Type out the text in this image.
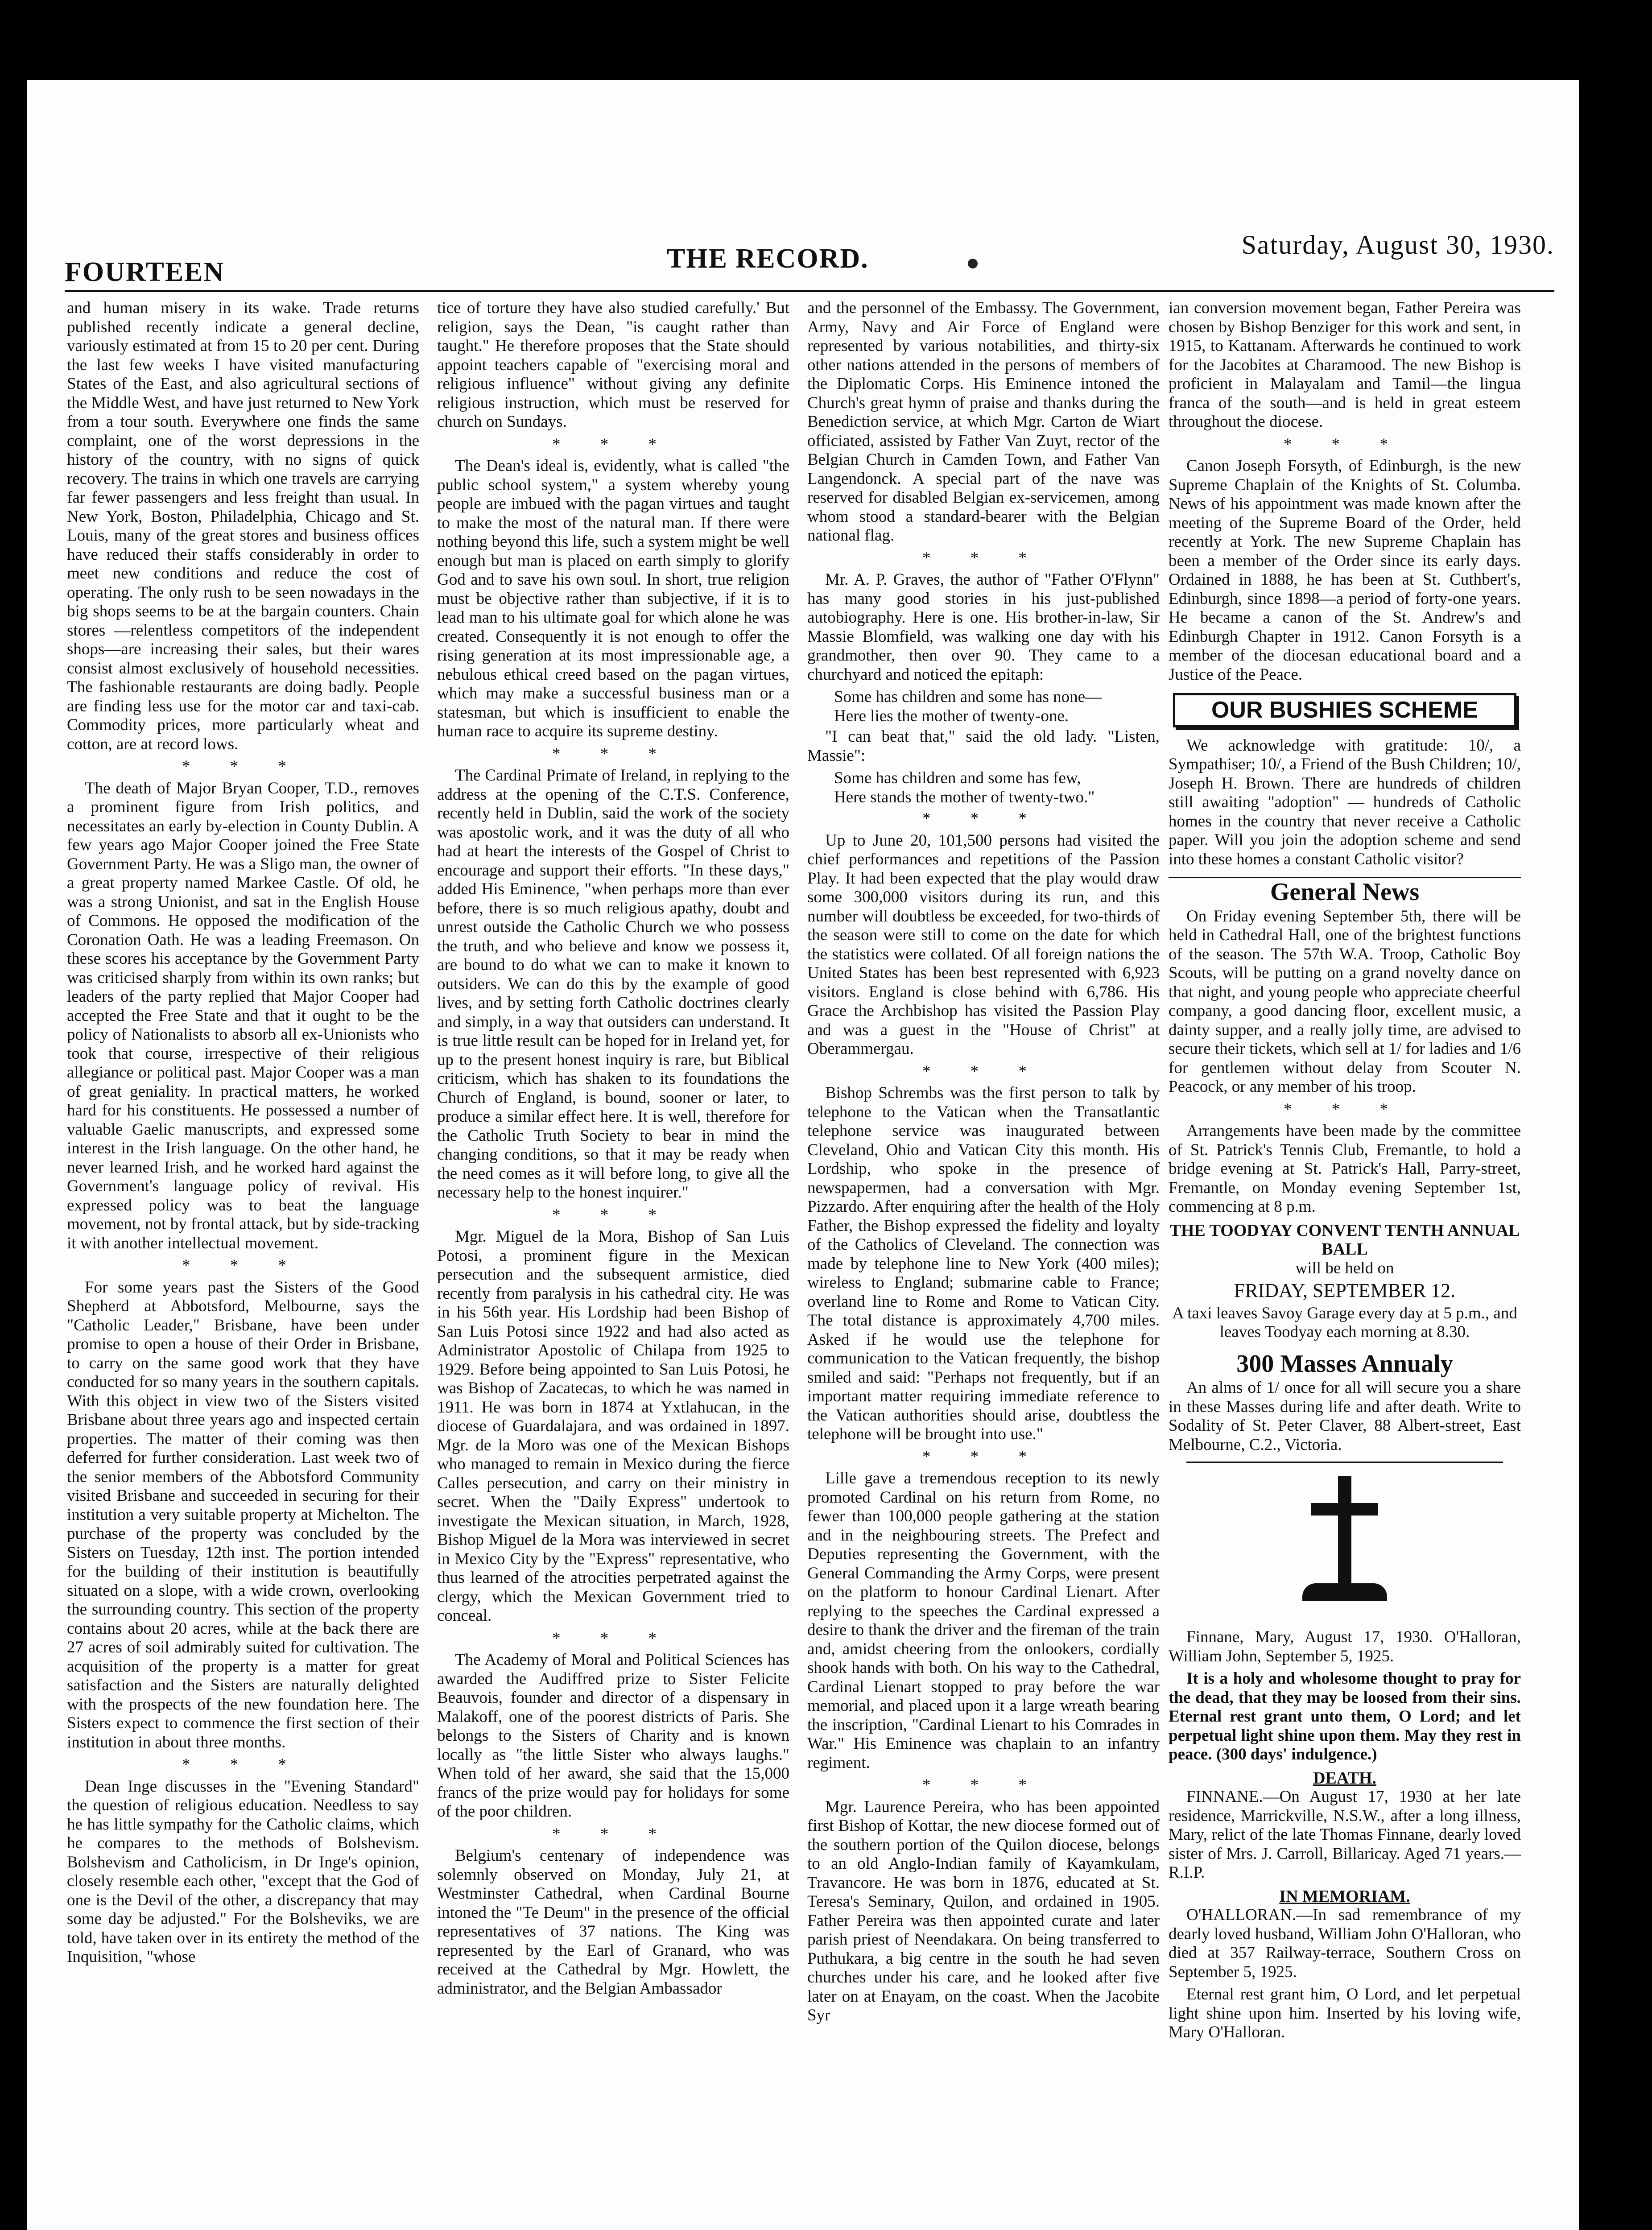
FOURTEEN	THE RECORD.	Saturday, August 30, 1930.

and human misery in its wake. Trade returns published recently indicate a general decline, variously estimated at from 15 to 20 per cent. During the last few weeks I have visited manufacturing States of the East, and also agricultural sections of the Middle West, and have just returned to New York from a tour south. Everywhere one finds the same complaint, one of the worst depressions in the history of the country, with no signs of quick recovery. The trains in which one travels are carrying far fewer passengers and less freight than usual. In New York, Boston, Philadelphia, Chicago and St. Louis, many of the great stores and business offices have reduced their staffs considerably in order to meet new conditions and reduce the cost of operating. The only rush to be seen nowadays in the big shops seems to be at the bargain counters. Chain stores —relentless competitors of the independent shops—are increasing their sales, but their wares consist almost exclusively of household necessities. The fashionable restaurants are doing badly. People are finding less use for the motor car and taxi-cab. Commodity prices, more particularly wheat and cotton, are at record lows.

* * *

The death of Major Bryan Cooper, T.D., removes a prominent figure from Irish politics, and necessitates an early by-election in County Dublin. A few years ago Major Cooper joined the Free State Government Party. He was a Sligo man, the owner of a great property named Markee Castle. Of old, he was a strong Unionist, and sat in the English House of Commons. He opposed the modification of the Coronation Oath. He was a leading Freemason. On these scores his acceptance by the Government Party was criticised sharply from within its own ranks; but leaders of the party replied that Major Cooper had accepted the Free State and that it ought to be the policy of Nationalists to absorb all ex-Unionists who took that course, irrespective of their religious allegiance or political past. Major Cooper was a man of great geniality. In practical matters, he worked hard for his constituents. He possessed a number of valuable Gaelic manuscripts, and expressed some interest in the Irish language. On the other hand, he never learned Irish, and he worked hard against the Government's language policy of revival. His expressed policy was to beat the language movement, not by frontal attack, but by side-tracking it with another intellectual movement.

* * *

For some years past the Sisters of the Good Shepherd at Abbotsford, Melbourne, says the "Catholic Leader," Brisbane, have been under promise to open a house of their Order in Brisbane, to carry on the same good work that they have conducted for so many years in the southern capitals. With this object in view two of the Sisters visited Brisbane about three years ago and inspected certain properties. The matter of their coming was then deferred for further consideration. Last week two of the senior members of the Abbotsford Community visited Brisbane and succeeded in securing for their institution a very suitable property at Michelton. The purchase of the property was concluded by the Sisters on Tuesday, 12th inst. The portion intended for the building of their institution is beautifully situated on a slope, with a wide crown, overlooking the surrounding country. This section of the property contains about 20 acres, while at the back there are 27 acres of soil admirably suited for cultivation. The acquisition of the property is a matter for great satisfaction and the Sisters are naturally delighted with the prospects of the new foundation here. The Sisters expect to commence the first section of their institution in about three months.

* * *

Dean Inge discusses in the "Evening Standard" the question of religious education. Needless to say he has little sympathy for the Catholic claims, which he compares to the methods of Bolshevism. Bolshevism and Catholicism, in Dr Inge's opinion, closely resemble each other, "except that the God of one is the Devil of the other, a discrepancy that may some day be adjusted." For the Bolsheviks, we are told, have taken over in its entirety the method of the Inquisition, "whose

tice of torture they have also studied carefully.' But religion, says the Dean, "is caught rather than taught." He therefore proposes that the State should appoint teachers capable of "exercising moral and religious influence" without giving any definite religious instruction, which must be reserved for church on Sundays.

* * *

The Dean's ideal is, evidently, what is called "the public school system," a system whereby young people are imbued with the pagan virtues and taught to make the most of the natural man. If there were nothing beyond this life, such a system might be well enough but man is placed on earth simply to glorify God and to save his own soul. In short, true religion must be objective rather than subjective, if it is to lead man to his ultimate goal for which alone he was created. Consequently it is not enough to offer the rising generation at its most impressionable age, a nebulous ethical creed based on the pagan virtues, which may make a successful business man or a statesman, but which is insufficient to enable the human race to acquire its supreme destiny.

* * *

The Cardinal Primate of Ireland, in replying to the address at the opening of the C.T.S. Conference, recently held in Dublin, said the work of the society was apostolic work, and it was the duty of all who had at heart the interests of the Gospel of Christ to encourage and support their efforts. "In these days," added His Eminence, "when perhaps more than ever before, there is so much religious apathy, doubt and unrest outside the Catholic Church we who possess the truth, and who believe and know we possess it, are bound to do what we can to make it known to outsiders. We can do this by the example of good lives, and by setting forth Catholic doctrines clearly and simply, in a way that outsiders can understand. It is true little result can be hoped for in Ireland yet, for up to the present honest inquiry is rare, but Biblical criticism, which has shaken to its foundations the Church of England, is bound, sooner or later, to produce a similar effect here. It is well, therefore for the Catholic Truth Society to bear in mind the changing conditions, so that it may be ready when the need comes as it will before long, to give all the necessary help to the honest inquirer."

* * *

Mgr. Miguel de la Mora, Bishop of San Luis Potosi, a prominent figure in the Mexican persecution and the subsequent armistice, died recently from paralysis in his cathedral city. He was in his 56th year. His Lordship had been Bishop of San Luis Potosi since 1922 and had also acted as Administrator Apostolic of Chilapa from 1925 to 1929. Before being appointed to San Luis Potosi, he was Bishop of Zacatecas, to which he was named in 1911. He was born in 1874 at Yxtlahucan, in the diocese of Guardalajara, and was ordained in 1897. Mgr. de la Moro was one of the Mexican Bishops who managed to remain in Mexico during the fierce Calles persecution, and carry on their ministry in secret. When the "Daily Express" undertook to investigate the Mexican situation, in March, 1928, Bishop Miguel de la Mora was interviewed in secret in Mexico City by the "Express" representative, who thus learned of the atrocities perpetrated against the clergy, which the Mexican Government tried to conceal.

* * *

The Academy of Moral and Political Sciences has awarded the Audiffred prize to Sister Felicite Beauvois, founder and director of a dispensary in Malakoff, one of the poorest districts of Paris. She belongs to the Sisters of Charity and is known locally as "the little Sister who always laughs." When told of her award, she said that the 15,000 francs of the prize would pay for holidays for some of the poor children.

* * *

Belgium's centenary of independence was solemnly observed on Monday, July 21, at Westminster Cathedral, when Cardinal Bourne intoned the "Te Deum" in the presence of the official representatives of 37 nations. The King was represented by the Earl of Granard, who was received at the Cathedral by Mgr. Howlett, the administrator, and the Belgian Ambassador

and the personnel of the Embassy. The Government, Army, Navy and Air Force of England were represented by various notabilities, and thirty-six other nations attended in the persons of members of the Diplomatic Corps. His Eminence intoned the Church's great hymn of praise and thanks during the Benediction service, at which Mgr. Carton de Wiart officiated, assisted by Father Van Zuyt, rector of the Belgian Church in Camden Town, and Father Van Langendonck. A special part of the nave was reserved for disabled Belgian ex-servicemen, among whom stood a standard-bearer with the Belgian national flag.

* * *

Mr. A. P. Graves, the author of "Father O'Flynn" has many good stories in his just-published autobiography. Here is one. His brother-in-law, Sir Massie Blomfield, was walking one day with his grandmother, then over 90. They came to a churchyard and noticed the epitaph:

Some has children and some has none—
Here lies the mother of twenty-one.

"I can beat that," said the old lady. "Listen, Massie":

Some has children and some has few,
Here stands the mother of twenty-two."
* * *

Up to June 20, 101,500 persons had visited the chief performances and repetitions of the Passion Play. It had been expected that the play would draw some 300,000 visitors during its run, and this number will doubtless be exceeded, for two-thirds of the season were still to come on the date for which the statistics were collated. Of all foreign nations the United States has been best represented with 6,923 visitors. England is close behind with 6,786. His Grace the Archbishop has visited the Passion Play and was a guest in the "House of Christ" at Oberammergau.

* * *

Bishop Schrembs was the first person to talk by telephone to the Vatican when the Transatlantic telephone service was inaugurated between Cleveland, Ohio and Vatican City this month. His Lordship, who spoke in the presence of newspapermen, had a conversation with Mgr. Pizzardo. After enquiring after the health of the Holy Father, the Bishop expressed the fidelity and loyalty of the Catholics of Cleveland. The connection was made by telephone line to New York (400 miles); wireless to England; submarine cable to France; overland line to Rome and Rome to Vatican City. The total distance is approximately 4,700 miles. Asked if he would use the telephone for communication to the Vatican frequently, the bishop smiled and said: "Perhaps not frequently, but if an important matter requiring immediate reference to the Vatican authorities should arise, doubtless the telephone will be brought into use."

* * *

Lille gave a tremendous reception to its newly promoted Cardinal on his return from Rome, no fewer than 100,000 people gathering at the station and in the neighbouring streets. The Prefect and Deputies representing the Government, with the General Commanding the Army Corps, were present on the platform to honour Cardinal Lienart. After replying to the speeches the Cardinal expressed a desire to thank the driver and the fireman of the train and, amidst cheering from the onlookers, cordially shook hands with both. On his way to the Cathedral, Cardinal Lienart stopped to pray before the war memorial, and placed upon it a large wreath bearing the inscription, "Cardinal Lienart to his Comrades in War." His Eminence was chaplain to an infantry regiment.

* * *

Mgr. Laurence Pereira, who has been appointed first Bishop of Kottar, the new diocese formed out of the southern portion of the Quilon diocese, belongs to an old Anglo-Indian family of Kayamkulam, Travancore. He was born in 1876, educated at St. Teresa's Seminary, Quilon, and ordained in 1905. Father Pereira was then appointed curate and later parish priest of Neendakara. On being transferred to Puthukara, a big centre in the south he had seven churches under his care, and he looked after five later on at Enayam, on the coast. When the Jacobite Syr

ian conversion movement began, Father Pereira was chosen by Bishop Benziger for this work and sent, in 1915, to Kattanam. Afterwards he continued to work for the Jacobites at Charamood. The new Bishop is proficient in Malayalam and Tamil—the lingua franca of the south—and is held in great esteem throughout the diocese.

* * *

Canon Joseph Forsyth, of Edinburgh, is the new Supreme Chaplain of the Knights of St. Columba. News of his appointment was made known after the meeting of the Supreme Board of the Order, held recently at York. The new Supreme Chaplain has been a member of the Order since its early days. Ordained in 1888, he has been at St. Cuthbert's, Edinburgh, since 1898—a period of forty-one years. He became a canon of the St. Andrew's and Edinburgh Chapter in 1912. Canon Forsyth is a member of the diocesan educational board and a Justice of the Peace.

OUR BUSHIES SCHEME

We acknowledge with gratitude: 10/, a Sympathiser; 10/, a Friend of the Bush Children; 10/, Joseph H. Brown. There are hundreds of children still awaiting "adoption" — hundreds of Catholic homes in the country that never receive a Catholic paper. Will you join the adoption scheme and send into these homes a constant Catholic visitor?

General News

On Friday evening September 5th, there will be held in Cathedral Hall, one of the brightest functions of the season. The 57th W.A. Troop, Catholic Boy Scouts, will be putting on a grand novelty dance on that night, and young people who appreciate cheerful company, a good dancing floor, excellent music, a dainty supper, and a really jolly time, are advised to secure their tickets, which sell at 1/ for ladies and 1/6 for gentlemen without delay from Scouter N. Peacock, or any member of his troop.

* * *

Arrangements have been made by the committee of St. Patrick's Tennis Club, Fremantle, to hold a bridge evening at St. Patrick's Hall, Parry-street, Fremantle, on Monday evening September 1st, commencing at 8 p.m.

THE TOODYAY CONVENT TENTH ANNUAL BALL

will be held on

FRIDAY, SEPTEMBER 12.

A taxi leaves Savoy Garage every day at 5 p.m., and leaves Toodyay each morning at 8.30.

300 Masses Annualy

An alms of 1/ once for all will secure you a share in these Masses during life and after death. Write to Sodality of St. Peter Claver, 88 Albert-street, East Melbourne, C.2., Victoria.

Finnane, Mary, August 17, 1930. O'Halloran, William John, September 5, 1925.

It is a holy and wholesome thought to pray for the dead, that they may be loosed from their sins. Eternal rest grant unto them, O Lord; and let perpetual light shine upon them. May they rest in peace. (300 days' indulgence.)

DEATH.

FINNANE.—On August 17, 1930 at her late residence, Marrickville, N.S.W., after a long illness, Mary, relict of the late Thomas Finnane, dearly loved sister of Mrs. J. Carroll, Billaricay. Aged 71 years.—R.I.P.

IN MEMORIAM.

O'HALLORAN.—In sad remembrance of my dearly loved husband, William John O'Halloran, who died at 357 Railway-terrace, Southern Cross on September 5, 1925.

Eternal rest grant him, O Lord, and let perpetual light shine upon him. Inserted by his loving wife, Mary O'Halloran.
